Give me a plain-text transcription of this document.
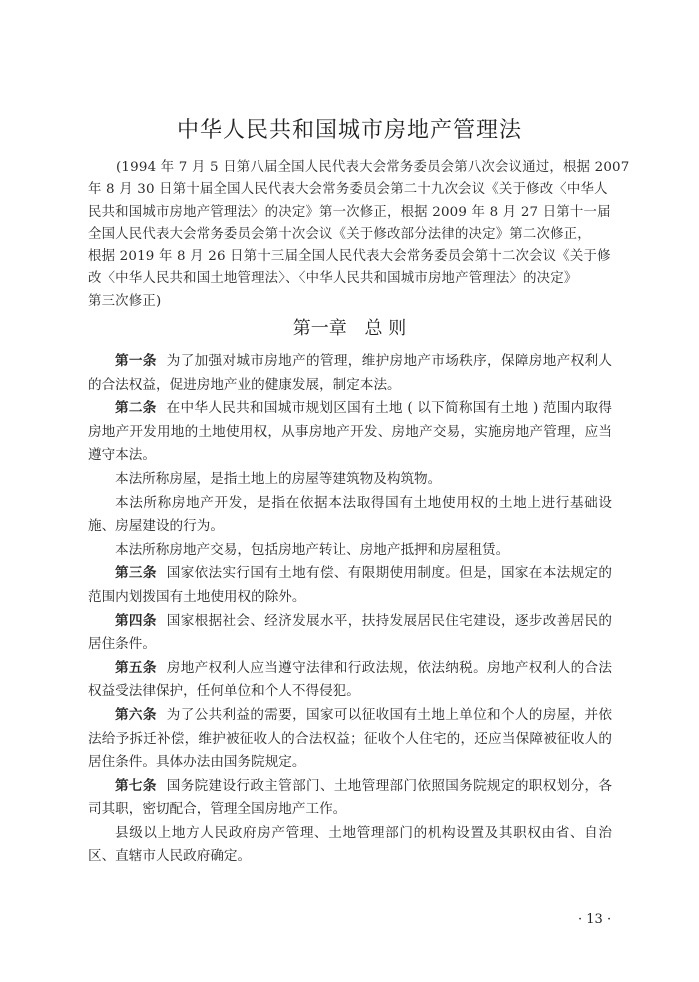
中华人民共和国城市房地产管理法
(1994 年 7 月 5 日第八届全国人民代表大会常务委员会第八次会议通过，根据 2007
年 8 月 30 日第十届全国人民代表大会常务委员会第二十九次会议《关于修改〈中华人
民共和国城市房地产管理法〉的决定》第一次修正，根据 2009 年 8 月 27 日第十一届
全国人民代表大会常务委员会第十次会议《关于修改部分法律的决定》第二次修正，
根据 2019 年 8 月 26 日第十三届全国人民代表大会常务委员会第十二次会议《关于修
改〈中华人民共和国土地管理法〉、〈中华人民共和国城市房地产管理法〉的决定》
第三次修正)
第一章 总 则

第一条 为了加强对城市房地产的管理，维护房地产市场秩序，保障房地产权利人的合法权益，促进房地产业的健康发展，制定本法。

第二条 在中华人民共和国城市规划区国有土地 ( 以下简称国有土地 ) 范围内取得房地产开发用地的土地使用权，从事房地产开发、房地产交易，实施房地产管理，应当遵守本法。

本法所称房屋，是指土地上的房屋等建筑物及构筑物。

本法所称房地产开发，是指在依据本法取得国有土地使用权的土地上进行基础设施、房屋建设的行为。

本法所称房地产交易，包括房地产转让、房地产抵押和房屋租赁。

第三条 国家依法实行国有土地有偿、有限期使用制度。但是，国家在本法规定的范围内划拨国有土地使用权的除外。

第四条 国家根据社会、经济发展水平，扶持发展居民住宅建设，逐步改善居民的居住条件。

第五条 房地产权利人应当遵守法律和行政法规，依法纳税。房地产权利人的合法权益受法律保护，任何单位和个人不得侵犯。

第六条 为了公共利益的需要，国家可以征收国有土地上单位和个人的房屋，并依法给予拆迁补偿，维护被征收人的合法权益；征收个人住宅的，还应当保障被征收人的居住条件。具体办法由国务院规定。

第七条 国务院建设行政主管部门、土地管理部门依照国务院规定的职权划分，各司其职，密切配合，管理全国房地产工作。

县级以上地方人民政府房产管理、土地管理部门的机构设置及其职权由省、自治区、直辖市人民政府确定。

· 13 ·
